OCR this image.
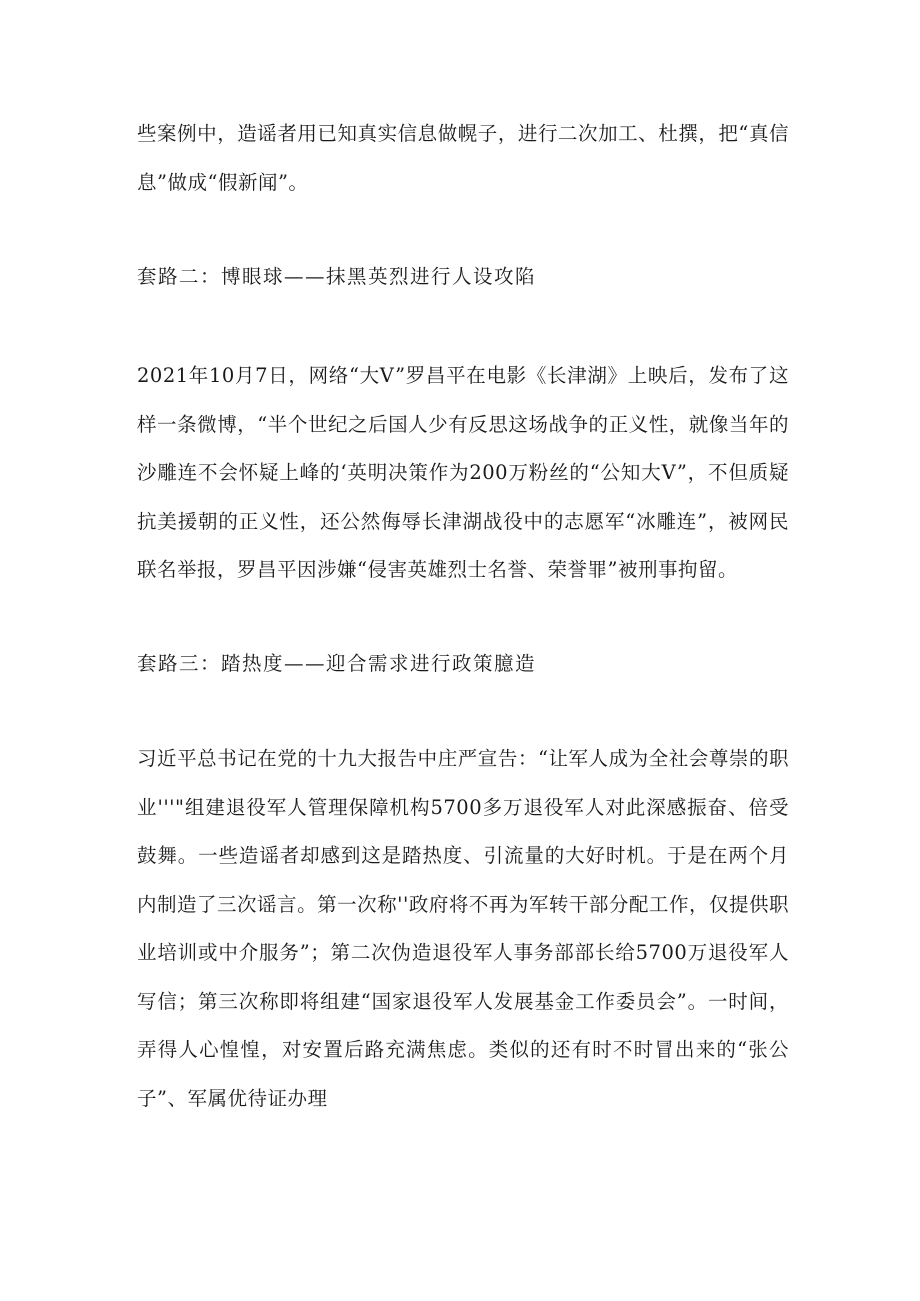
些案例中，造谣者用已知真实信息做幌子，进行二次加工、杜撰，把“真信息”做成“假新闻”。

套路二：博眼球——抹黑英烈进行人设攻陷

2021年10月7日，网络“大V”罗昌平在电影《长津湖》上映后，发布了这样一条微博，“半个世纪之后国人少有反思这场战争的正义性，就像当年的沙雕连不会怀疑上峰的‘英明决策作为200万粉丝的“公知大V”，不但质疑抗美援朝的正义性，还公然侮辱长津湖战役中的志愿军“冰雕连”，被网民联名举报，罗昌平因涉嫌“侵害英雄烈士名誉、荣誉罪”被刑事拘留。

套路三：踏热度——迎合需求进行政策臆造

习近平总书记在党的十九大报告中庄严宣告：“让军人成为全社会尊崇的职业'''"组建退役军人管理保障机构5700多万退役军人对此深感振奋、倍受鼓舞。一些造谣者却感到这是踏热度、引流量的大好时机。于是在两个月内制造了三次谣言。第一次称''政府将不再为军转干部分配工作，仅提供职业培训或中介服务”；第二次伪造退役军人事务部部长给5700万退役军人写信；第三次称即将组建“国家退役军人发展基金工作委员会”。一时间，弄得人心惶惶，对安置后路充满焦虑。类似的还有时不时冒出来的“张公子”、军属优待证办理
